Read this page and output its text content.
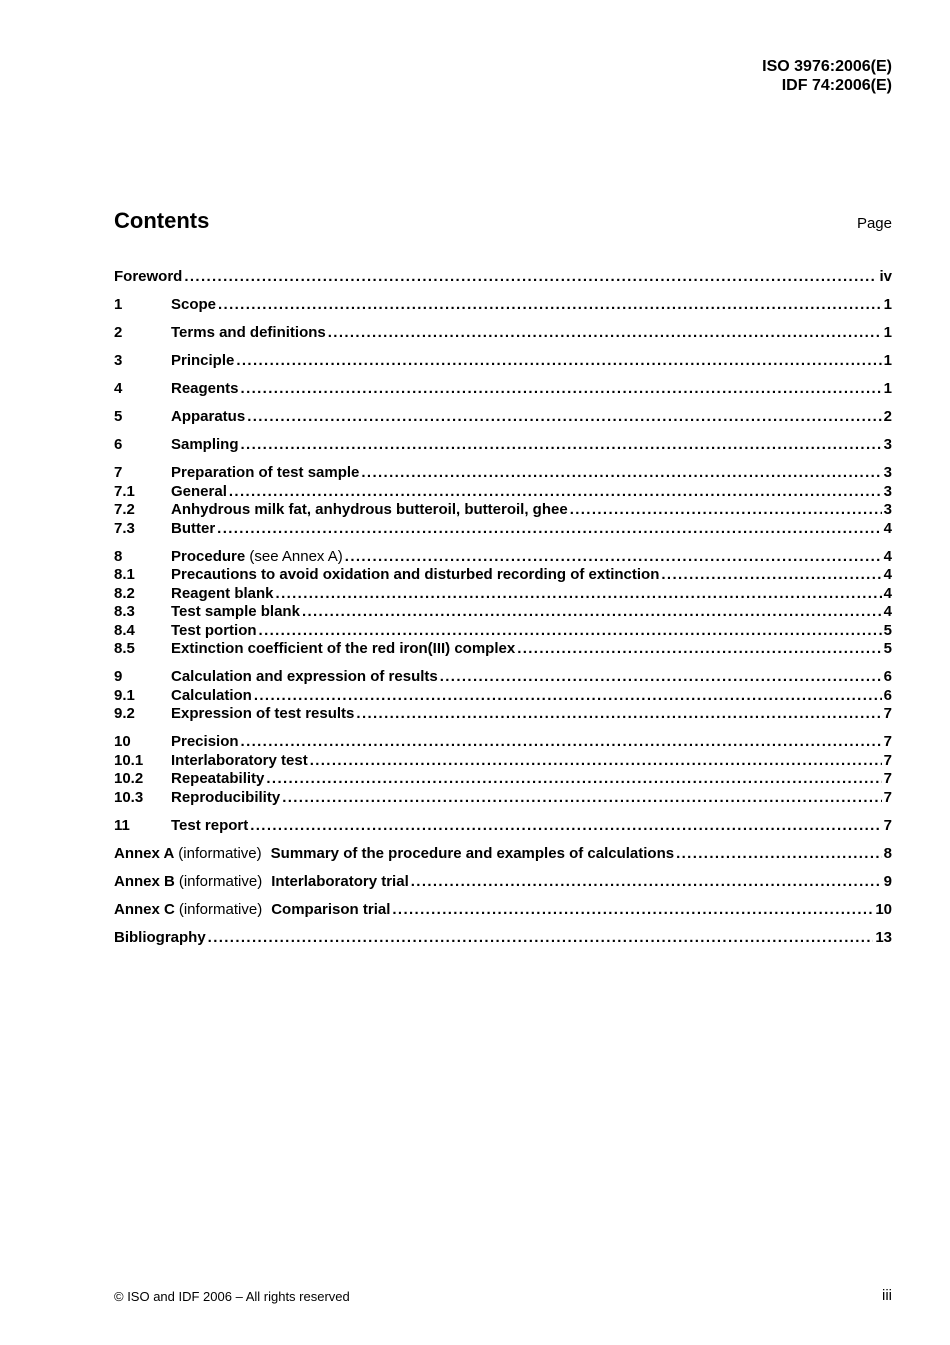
ISO 3976:2006(E)
IDF 74:2006(E)
Contents	Page
Foreword . . .	iv
1	Scope . . .	1
2	Terms and definitions . . .	1
3	Principle . . .	1
4	Reagents . . .	1
5	Apparatus . . .	2
6	Sampling . . .	3
7	Preparation of test sample . . .	3
7.1	General . . .	3
7.2	Anhydrous milk fat, anhydrous butteroil, butteroil, ghee . . .	3
7.3	Butter . . .	4
8	Procedure (see Annex A) . . .	4
8.1	Precautions to avoid oxidation and disturbed recording of extinction . . .	4
8.2	Reagent blank . . .	4
8.3	Test sample blank . . .	4
8.4	Test portion . . .	5
8.5	Extinction coefficient of the red iron(III) complex . . .	5
9	Calculation and expression of results . . .	6
9.1	Calculation . . .	6
9.2	Expression of test results . . .	7
10	Precision . . .	7
10.1	Interlaboratory test . . .	7
10.2	Repeatability . . .	7
10.3	Reproducibility . . .	7
11	Test report . . .	7
Annex A (informative) Summary of the procedure and examples of calculations . . .	8
Annex B (informative) Interlaboratory trial . . .	9
Annex C (informative) Comparison trial . . .	10
Bibliography . . .	13
© ISO and IDF 2006 – All rights reserved	iii
